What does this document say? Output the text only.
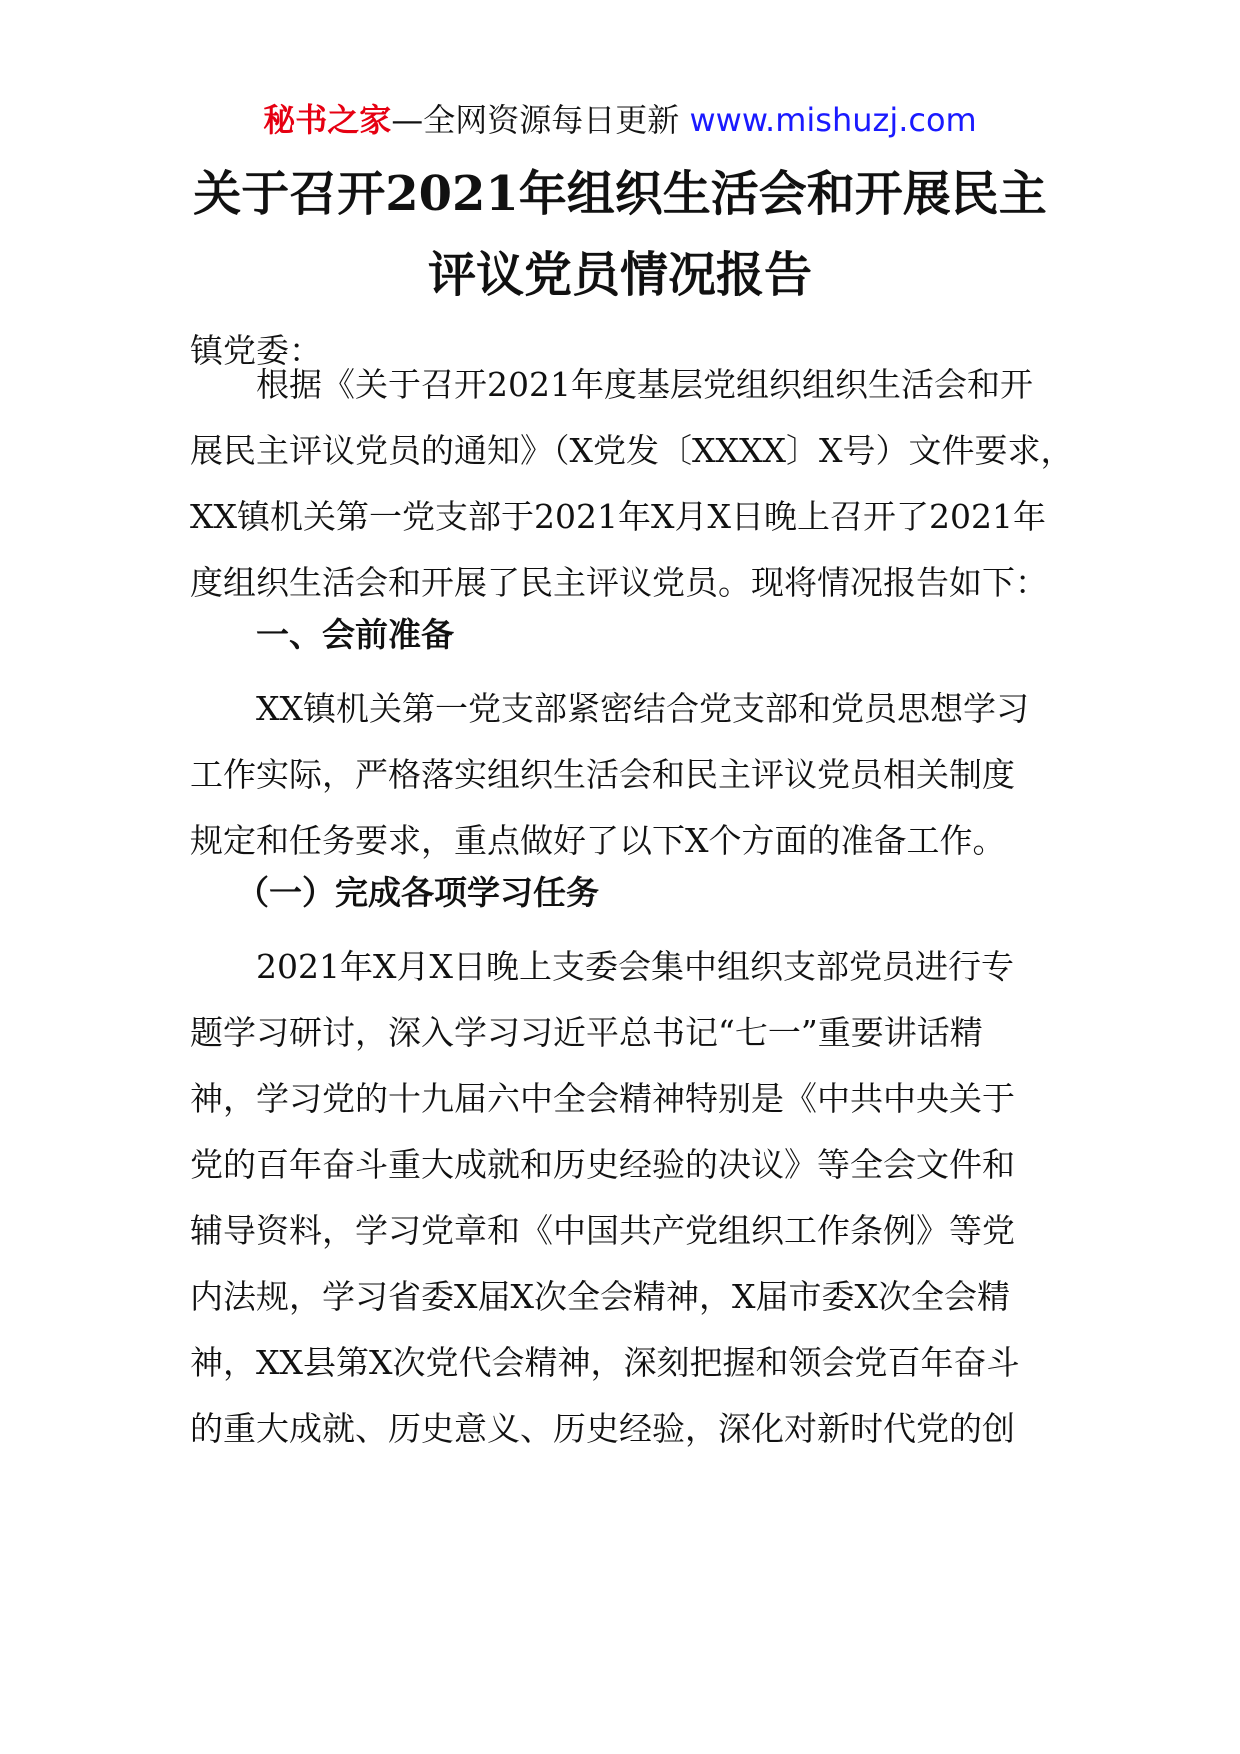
秘书之家—全网资源每日更新 www.mishuzj.com
关于召开2021年组织生活会和开展民主
评议党员情况报告
镇党委：
根据《关于召开2021年度基层党组织组织生活会和开
展民主评议党员的通知》（X党发〔XXXX〕X号）文件要求，
XX镇机关第一党支部于2021年X月X日晚上召开了2021年
度组织生活会和开展了民主评议党员。现将情况报告如下：
一、会前准备
XX镇机关第一党支部紧密结合党支部和党员思想学习
工作实际，严格落实组织生活会和民主评议党员相关制度
规定和任务要求，重点做好了以下X个方面的准备工作。
（一）完成各项学习任务
2021年X月X日晚上支委会集中组织支部党员进行专
题学习研讨，深入学习习近平总书记“七一”重要讲话精
神，学习党的十九届六中全会精神特别是《中共中央关于
党的百年奋斗重大成就和历史经验的决议》等全会文件和
辅导资料，学习党章和《中国共产党组织工作条例》等党
内法规，学习省委X届X次全会精神，X届市委X次全会精
神，XX县第X次党代会精神，深刻把握和领会党百年奋斗
的重大成就、历史意义、历史经验，深化对新时代党的创
